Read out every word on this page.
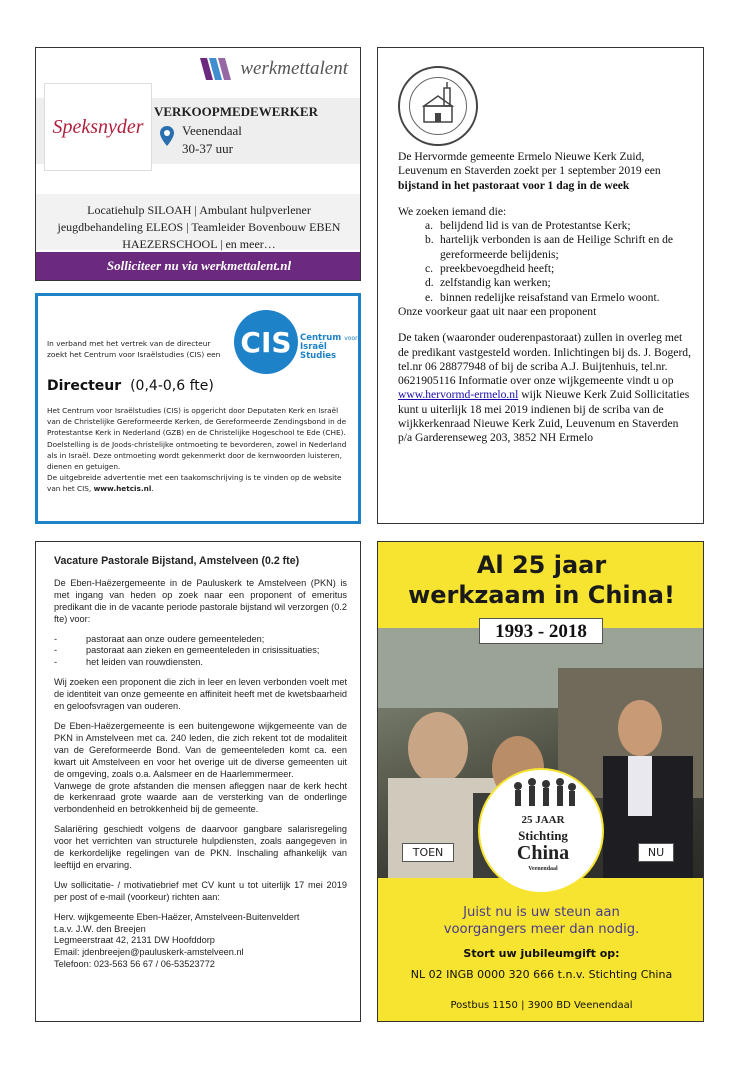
werkmettalent
Speksnyder
VERKOOPMEDEWERKER
Veenendaal
30-37 uur
Locatiehulp SILOAH | Ambulant hulpverlener jeugdbehandeling ELEOS | Teamleider Bovenbouw EBEN HAEZERSCHOOL | en meer…
Solliciteer nu via werkmettalent.nl
In verband met het vertrek van de directeur zoekt het Centrum voor Israëlstudies (CIS) een CIS Centrum voor
Israël
Studies
Directeur (0,4-0,6 fte)
Het Centrum voor Israëlstudies (CIS) is opgericht door Deputaten Kerk en Israël van de Christelijke Gereformeerde Kerken, de Gereformeerde Zendingsbond in de Protestantse Kerk in Nederland (GZB) en de Christelijke Hogeschool te Ede (CHE). Doelstelling is de Joods-christelijke ontmoeting te bevorderen, zowel in Nederland als in Israël. Deze ontmoeting wordt gekenmerkt door de kernwoorden luisteren, dienen en getuigen.
De uitgebreide advertentie met een taakomschrijving is te vinden op de website van het CIS, www.hetcis.nl.

De Hervormde gemeente Ermelo Nieuwe Kerk Zuid, Leuvenum en Staverden zoekt per 1 september 2019 een

bijstand in het pastoraat voor 1 dag in de week

We zoeken iemand die:

a. belijdend lid is van de Protestantse Kerk;
b. hartelijk verbonden is aan de Heilige Schrift en de gereformeerde belijdenis;
c. preekbevoegdheid heeft;
d. zelfstandig kan werken;
e. binnen redelijke reisafstand van Ermelo woont.

Onze voorkeur gaat uit naar een proponent

De taken (waaronder ouderenpastoraat) zullen in overleg met de predikant vastgesteld worden. Inlichtingen bij ds. J. Bogerd, tel.nr 06 28877948 of bij de scriba A.J. Buijtenhuis, tel.nr. 0621905116 Informatie over onze wijkgemeente vindt u op www.hervormd-ermelo.nl wijk Nieuwe Kerk Zuid Sollicitaties kunt u uiterlijk 18 mei 2019 indienen bij de scriba van de wijkkerkenraad Nieuwe Kerk Zuid, Leuvenum en Staverden p/a Garderenseweg 203, 3852 NH Ermelo

Vacature Pastorale Bijstand, Amstelveen (0.2 fte)

De Eben-Haëzergemeente in de Pauluskerk te Amstelveen (PKN) is met ingang van heden op zoek naar een proponent of emeritus predikant die in de vacante periode pastorale bijstand wil verzorgen (0.2 fte) voor:

-	pastoraat aan onze oudere gemeenteleden;
-	pastoraat aan zieken en gemeenteleden in crisissituaties;
-	het leiden van rouwdiensten.

Wij zoeken een proponent die zich in leer en leven verbonden voelt met de identiteit van onze gemeente en affiniteit heeft met de kwetsbaarheid en geloofsvragen van ouderen.

De Eben-Haëzergemeente is een buitengewone wijkgemeente van de PKN in Amstelveen met ca. 240 leden, die zich rekent tot de modaliteit van de Gereformeerde Bond. Van de gemeenteleden komt ca. een kwart uit Amstelveen en voor het overige uit de diverse gemeenten uit de omgeving, zoals o.a. Aalsmeer en de Haarlemmermeer.

Vanwege de grote afstanden die mensen afleggen naar de kerk hecht de kerkenraad grote waarde aan de versterking van de onderlinge verbondenheid en betrokkenheid bij de gemeente.

Salariëring geschiedt volgens de daarvoor gangbare salarisregeling voor het verrichten van structurele hulpdiensten, zoals aangegeven in de kerkordelijke regelingen van de PKN. Inschaling afhankelijk van leeftijd en ervaring.

Uw sollicitatie- / motivatiebrief met CV kunt u tot uiterlijk 17 mei 2019 per post of e-mail (voorkeur) richten aan:

Herv. wijkgemeente Eben-Haëzer, Amstelveen-Buitenveldert
t.a.v. J.W. den Breejen
Legmeerstraat 42, 2131 DW Hoofddorp
Email: jdenbreejen@pauluskerk-amstelveen.nl
Telefoon: 023-563 56 67 / 06-53523772
Al 25 jaar
werkzaam in China!
1993 - 2018
TOEN	NU
25 JAAR
Stichting
China
Veenendaal
Juist nu is uw steun aan
voorgangers meer dan nodig.
Stort uw jubileumgift op:
NL 02 INGB 0000 320 666 t.n.v. Stichting China
Postbus 1150 | 3900 BD Veenendaal
